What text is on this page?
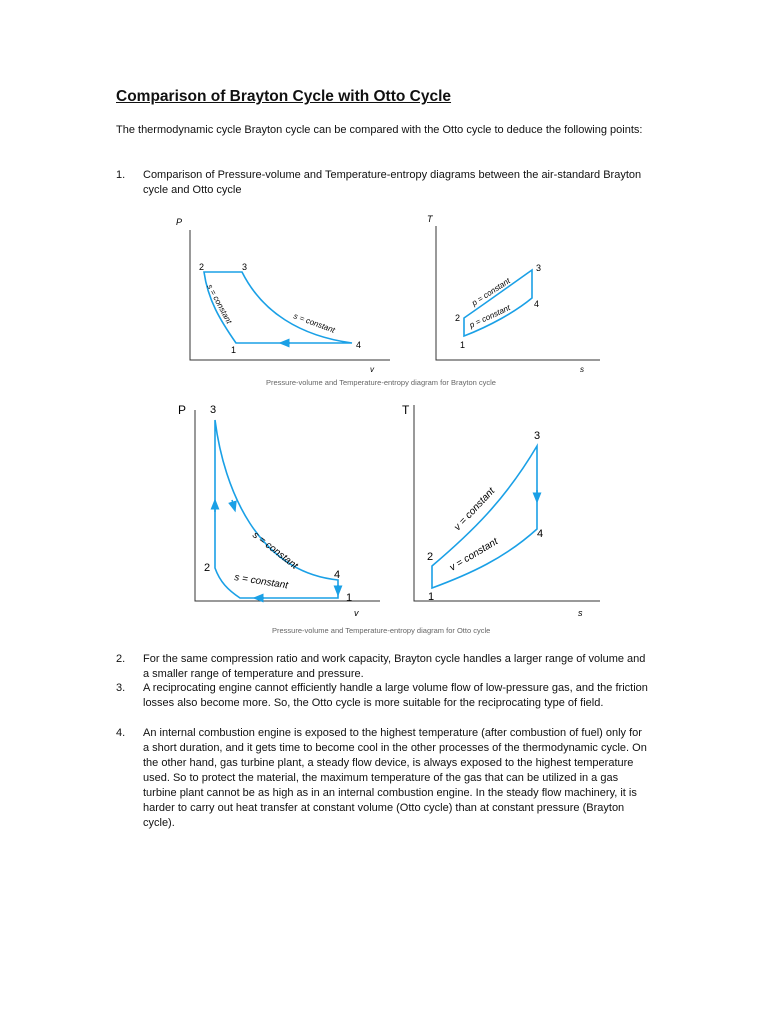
Comparison of Brayton Cycle with Otto Cycle

The thermodynamic cycle Brayton cycle can be compared with the Otto cycle to deduce the following points:

1. Comparison of Pressure-volume and Temperature-entropy diagrams between the air-standard Brayton cycle and Otto cycle
P
v
1
2	3
4
s = constant	s = constant
T
s
1
2
3
4
p = constant
p = constant
P
v
1
2
3
4
s = constant
s = constant
T
s
1
2
3
4
v = constant
v = constant

Pressure-volume and Temperature-entropy diagram for Brayton cycle

Pressure-volume and Temperature-entropy diagram for Otto cycle

2. For the same compression ratio and work capacity, Brayton cycle handles a larger range of volume and a smaller range of temperature and pressure.
3. A reciprocating engine cannot efficiently handle a large volume flow of low-pressure gas, and the friction losses also become more. So, the Otto cycle is more suitable for the reciprocating type of field.
4. An internal combustion engine is exposed to the highest temperature (after combustion of fuel) only for a short duration, and it gets time to become cool in the other processes of the thermodynamic cycle. On the other hand, gas turbine plant, a steady flow device, is always exposed to the highest temperature used. So to protect the material, the maximum temperature of the gas that can be utilized in a gas turbine plant cannot be as high as in an internal combustion engine. In the steady flow machinery, it is harder to carry out heat transfer at constant volume (Otto cycle) than at constant pressure (Brayton cycle).
